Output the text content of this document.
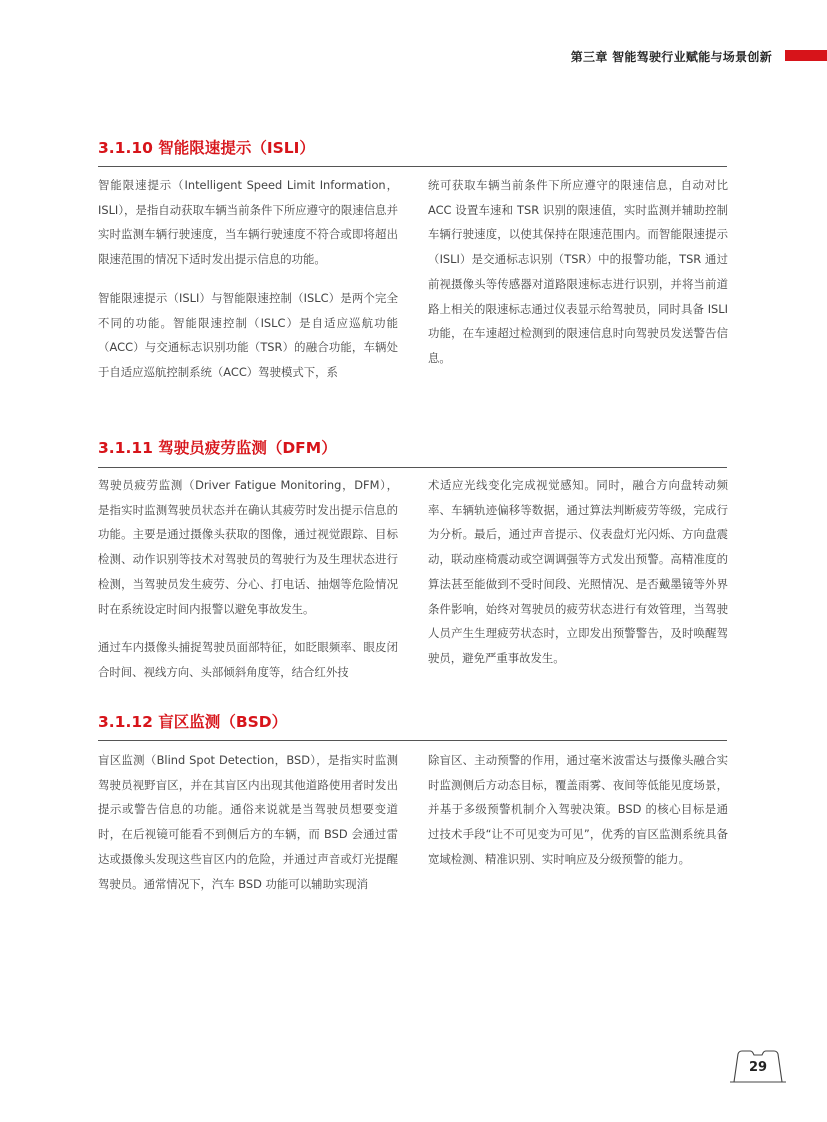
第三章 智能驾驶行业赋能与场景创新
3.1.10 智能限速提示（ISLI）

智能限速提示（Intelligent Speed Limit Information，ISLI），是指自动获取车辆当前条件下所应遵守的限速信息并实时监测车辆行驶速度，当车辆行驶速度不符合或即将超出限速范围的情况下适时发出提示信息的功能。

智能限速提示（ISLI）与智能限速控制（ISLC）是两个完全不同的功能。智能限速控制（ISLC）是自适应巡航功能（ACC）与交通标志识别功能（TSR）的融合功能，车辆处于自适应巡航控制系统（ACC）驾驶模式下，系

统可获取车辆当前条件下所应遵守的限速信息，自动对比 ACC 设置车速和 TSR 识别的限速值，实时监测并辅助控制车辆行驶速度，以使其保持在限速范围内。而智能限速提示（ISLI）是交通标志识别（TSR）中的报警功能，TSR 通过前视摄像头等传感器对道路限速标志进行识别，并将当前道路上相关的限速标志通过仪表显示给驾驶员，同时具备 ISLI 功能，在车速超过检测到的限速信息时向驾驶员发送警告信息。

3.1.11 驾驶员疲劳监测（DFM）

驾驶员疲劳监测（Driver Fatigue Monitoring，DFM），是指实时监测驾驶员状态并在确认其疲劳时发出提示信息的功能。主要是通过摄像头获取的图像，通过视觉跟踪、目标检测、动作识别等技术对驾驶员的驾驶行为及生理状态进行检测，当驾驶员发生疲劳、分心、打电话、抽烟等危险情况时在系统设定时间内报警以避免事故发生。

通过车内摄像头捕捉驾驶员面部特征，如眨眼频率、眼皮闭合时间、视线方向、头部倾斜角度等，结合红外技

术适应光线变化完成视觉感知。同时，融合方向盘转动频率、车辆轨迹偏移等数据，通过算法判断疲劳等级，完成行为分析。最后，通过声音提示、仪表盘灯光闪烁、方向盘震动，联动座椅震动或空调调强等方式发出预警。高精准度的算法甚至能做到不受时间段、光照情况、是否戴墨镜等外界条件影响，始终对驾驶员的疲劳状态进行有效管理，当驾驶人员产生生理疲劳状态时，立即发出预警警告，及时唤醒驾驶员，避免严重事故发生。

3.1.12 盲区监测（BSD）

盲区监测（Blind Spot Detection，BSD），是指实时监测驾驶员视野盲区，并在其盲区内出现其他道路使用者时发出提示或警告信息的功能。通俗来说就是当驾驶员想要变道时，在后视镜可能看不到侧后方的车辆，而 BSD 会通过雷达或摄像头发现这些盲区内的危险，并通过声音或灯光提醒驾驶员。通常情况下，汽车 BSD 功能可以辅助实现消

除盲区、主动预警的作用，通过毫米波雷达与摄像头融合实时监测侧后方动态目标，覆盖雨雾、夜间等低能见度场景，并基于多级预警机制介入驾驶决策。BSD 的核心目标是通过技术手段“让不可见变为可见”，优秀的盲区监测系统具备宽域检测、精准识别、实时响应及分级预警的能力。

29
